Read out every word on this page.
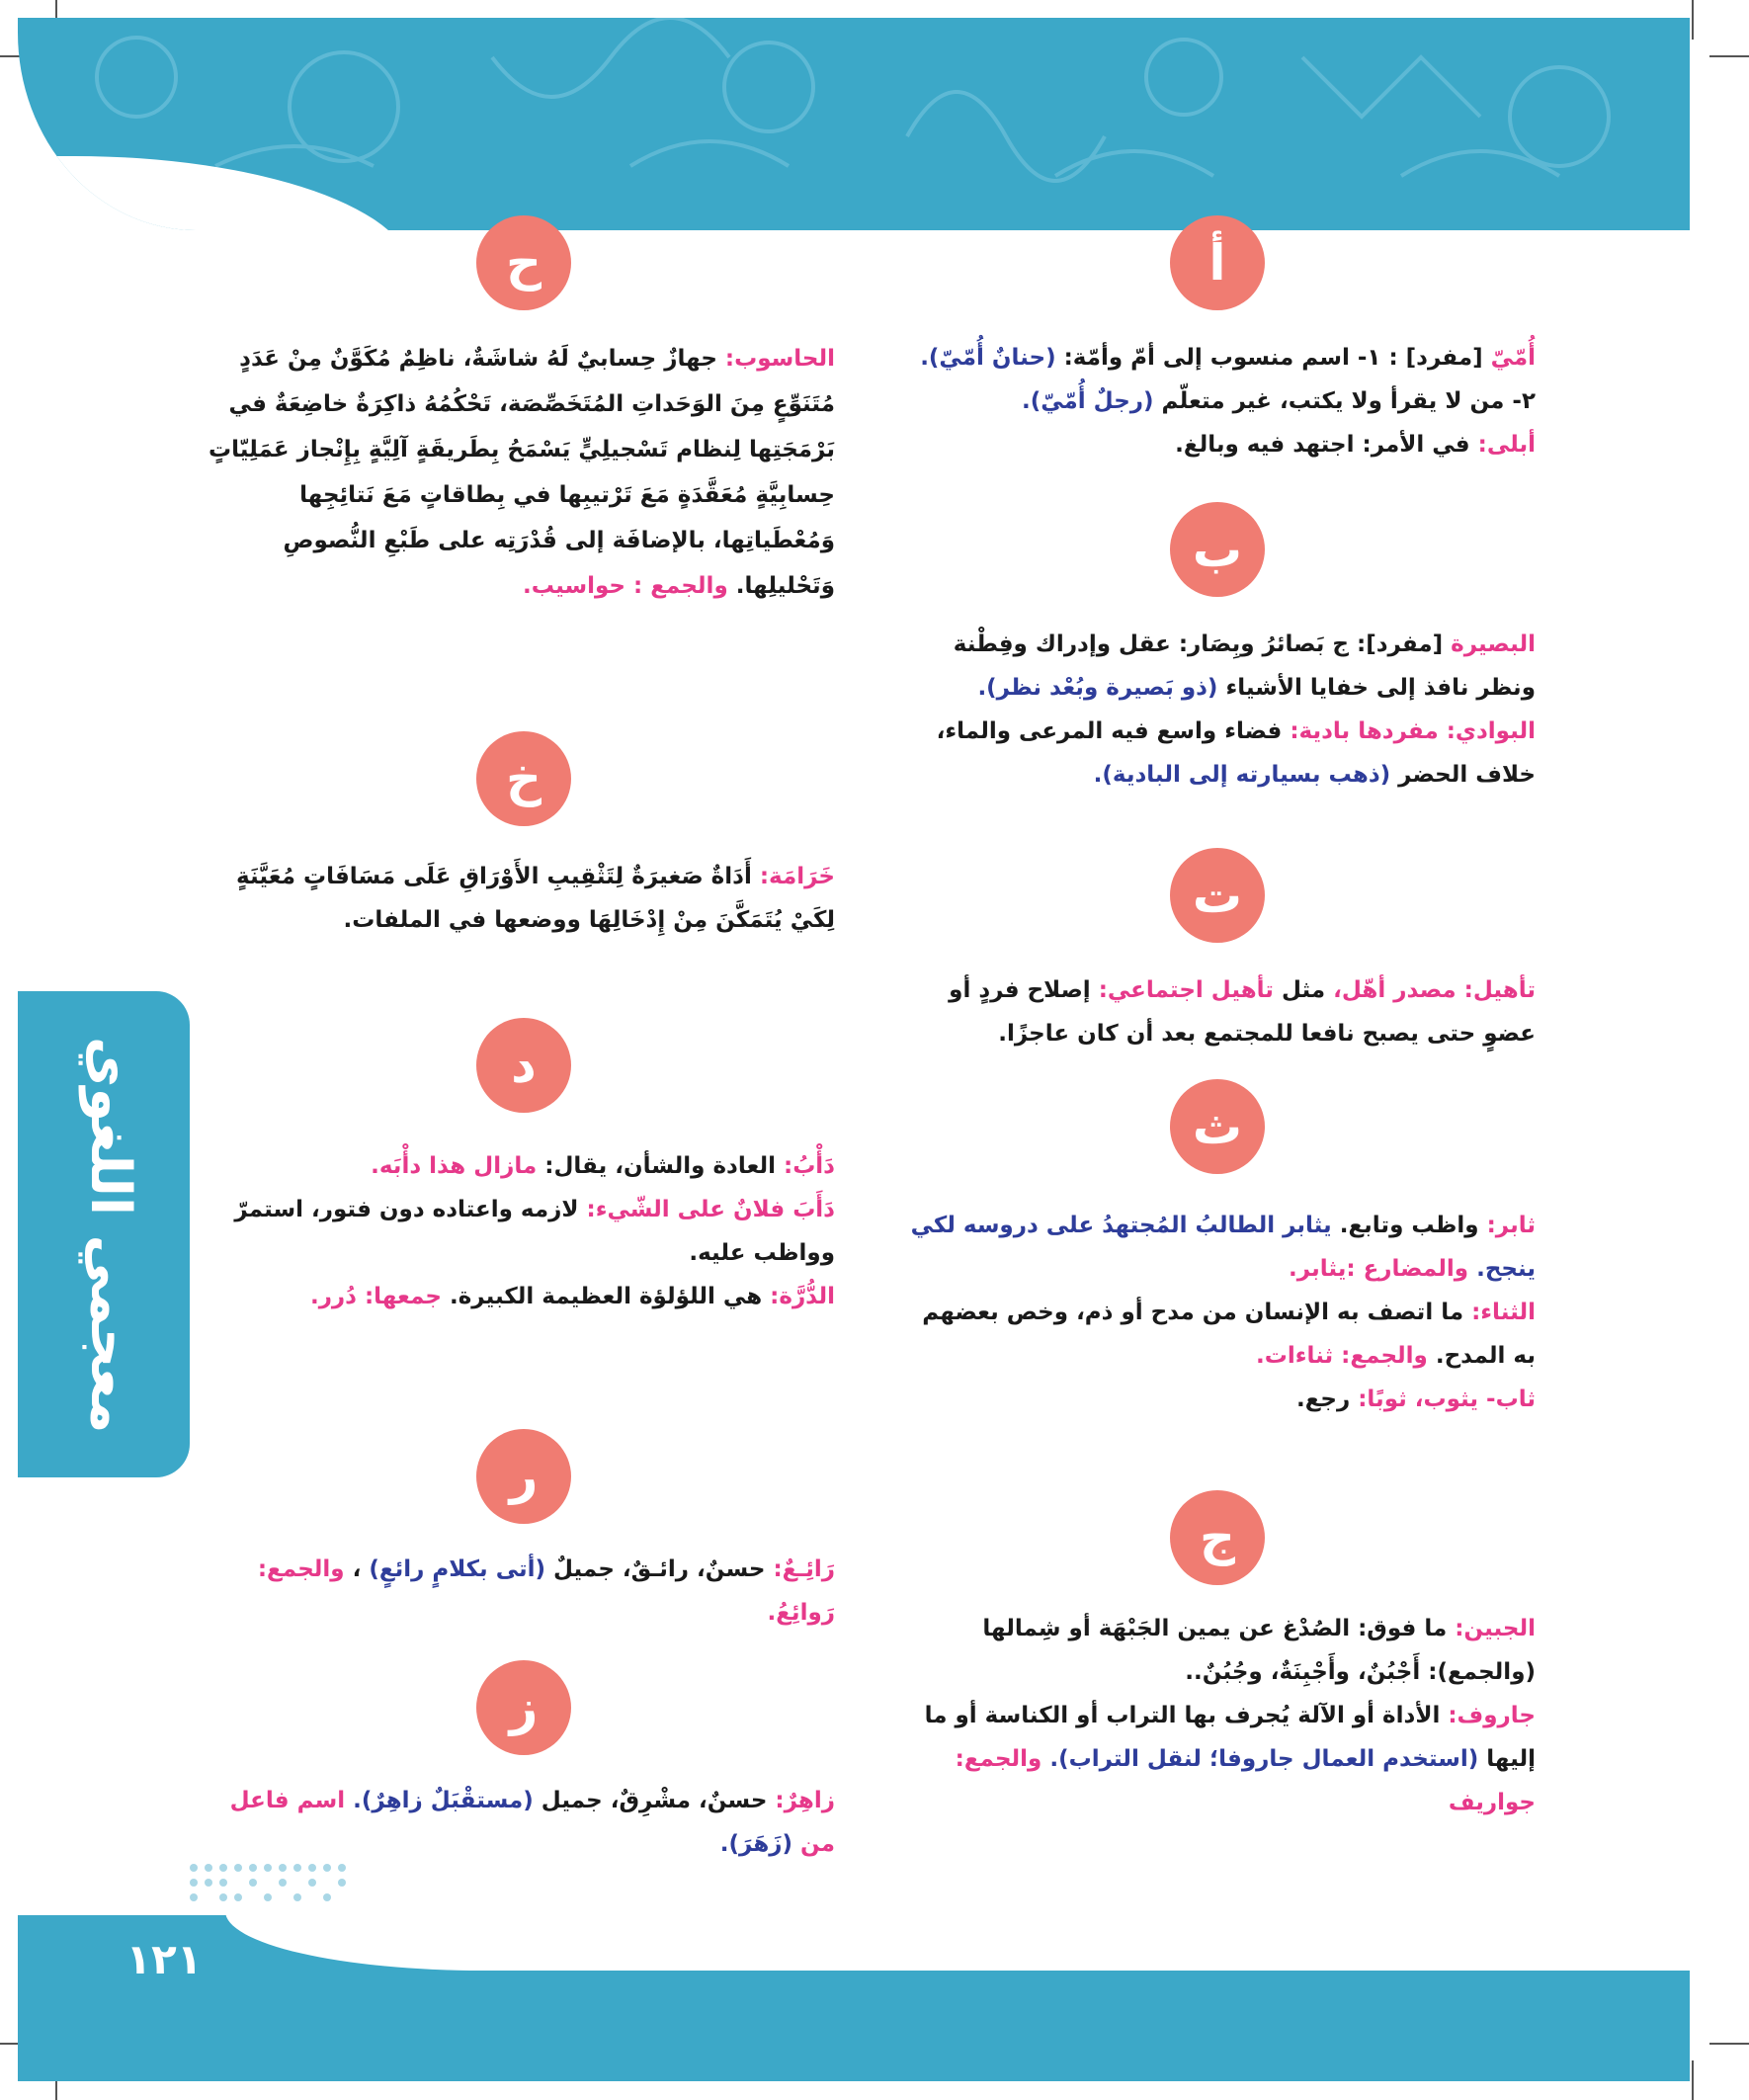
معجمي اللغوي
١٢١
أ

أُمّيّ [مفرد] : ١- اسم منسوب إلى أمّ وأمّة: (حنانٌ أُمّيّ).

٢- من لا يقرأ ولا يكتب، غير متعلّم (رجلٌ أُمّيّ).

أبلى: في الأمر: اجتهد فيه وبالغ.

ب

البصيرة [مفرد]: ج بَصائرُ وبِصَار: عقل وإدراك وفِطْنة ونظر نافذ إلى خفايا الأشياء (ذو بَصيرة وبُعْد نظر).

البوادي: مفردها بادية: فضاء واسع فيه المرعى والماء، خلاف الحضر (ذهب بسيارته إلى البادية).

ت

تأهيل: مصدر أهّل، مثل تأهيل اجتماعي: إصلاح فردٍ أو عضوٍ حتى يصبح نافعا للمجتمع بعد أن كان عاجزًا.

ث

ثابر: واظب وتابع. يثابر الطالبُ المُجتهدُ على دروسه لكي ينجح. والمضارع :يثابر.

الثناء: ما اتصف به الإنسان من مدح أو ذم، وخص بعضهم به المدح. والجمع: ثناءات.

ثاب- يثوب، ثوبًا: رجع.

ج

الجبين: ما فوق: الصُدْغ عن يمين الجَبْهَة أو شِمالها (والجمع): أَجْبُنٌ، وأَجْبِنَةٌ، وجُبُنٌ..

جاروف: الأداة أو الآلة يُجرف بها التراب أو الكناسة أو ما إليها (استخدم العمال جاروفا؛ لنقل التراب). والجمع: جواريف

ح

الحاسوب: جهازٌ حِسابيٌ لَهُ شاشَةٌ، ناظِمٌ مُكَوَّنٌ مِنْ عَدَدٍ مُتَنَوِّعٍ مِنَ الوَحَداتِ المُتَخَصِّصَة، تَحْكُمُهُ ذاكِرَةٌ خاضِعَةٌ في بَرْمَجَتِها لِنظام تَسْجيلِيٍّ يَسْمَحُ بِطَريقَةٍ آلِيَّةٍ بِإِنْجاز عَمَلِيّاتٍ حِسابِيَّةٍ مُعَقَّدَةٍ مَعَ تَرْتيبِها في بِطاقاتٍ مَعَ نَتائِجِها وَمُعْطَياتِها، بالإضافَة إلى قُدْرَتِه على طَبْعِ النُّصوصِ وَتَحْليلِها. والجمع : حواسيب.

خ

خَرَامَة: أَدَاةٌ صَغيرَةٌ لِتَثْقِيبِ الأَوْرَاقِ عَلَى مَسَافَاتٍ مُعَيَّنَةٍ لِكَيْ يُتَمَكَّنَ مِنْ إِدْخَالِهَا ووضعها في الملفات.

د

دَأْبُ: العادة والشأن، يقال: مازال هذا دأْبَه.

دَأَبَ فلانٌ على الشّيء: لازمه واعتاده دون فتور، استمرّ وواظب عليه.

الدُّرَّة: هي اللؤلؤة العظيمة الكبيرة. جمعها: دُرر.

ر

رَائِـعٌ: حسنٌ، رائـقٌ، جميلٌ (أتى بكلامٍ رائعٍ) ، والجمع: رَوائِعُ.

ز

زاهِرٌ: حسنٌ، مشْرِقٌ، جميل (مستقْبَلٌ زاهِرٌ). اسم فاعل من (زَهَرَ).
